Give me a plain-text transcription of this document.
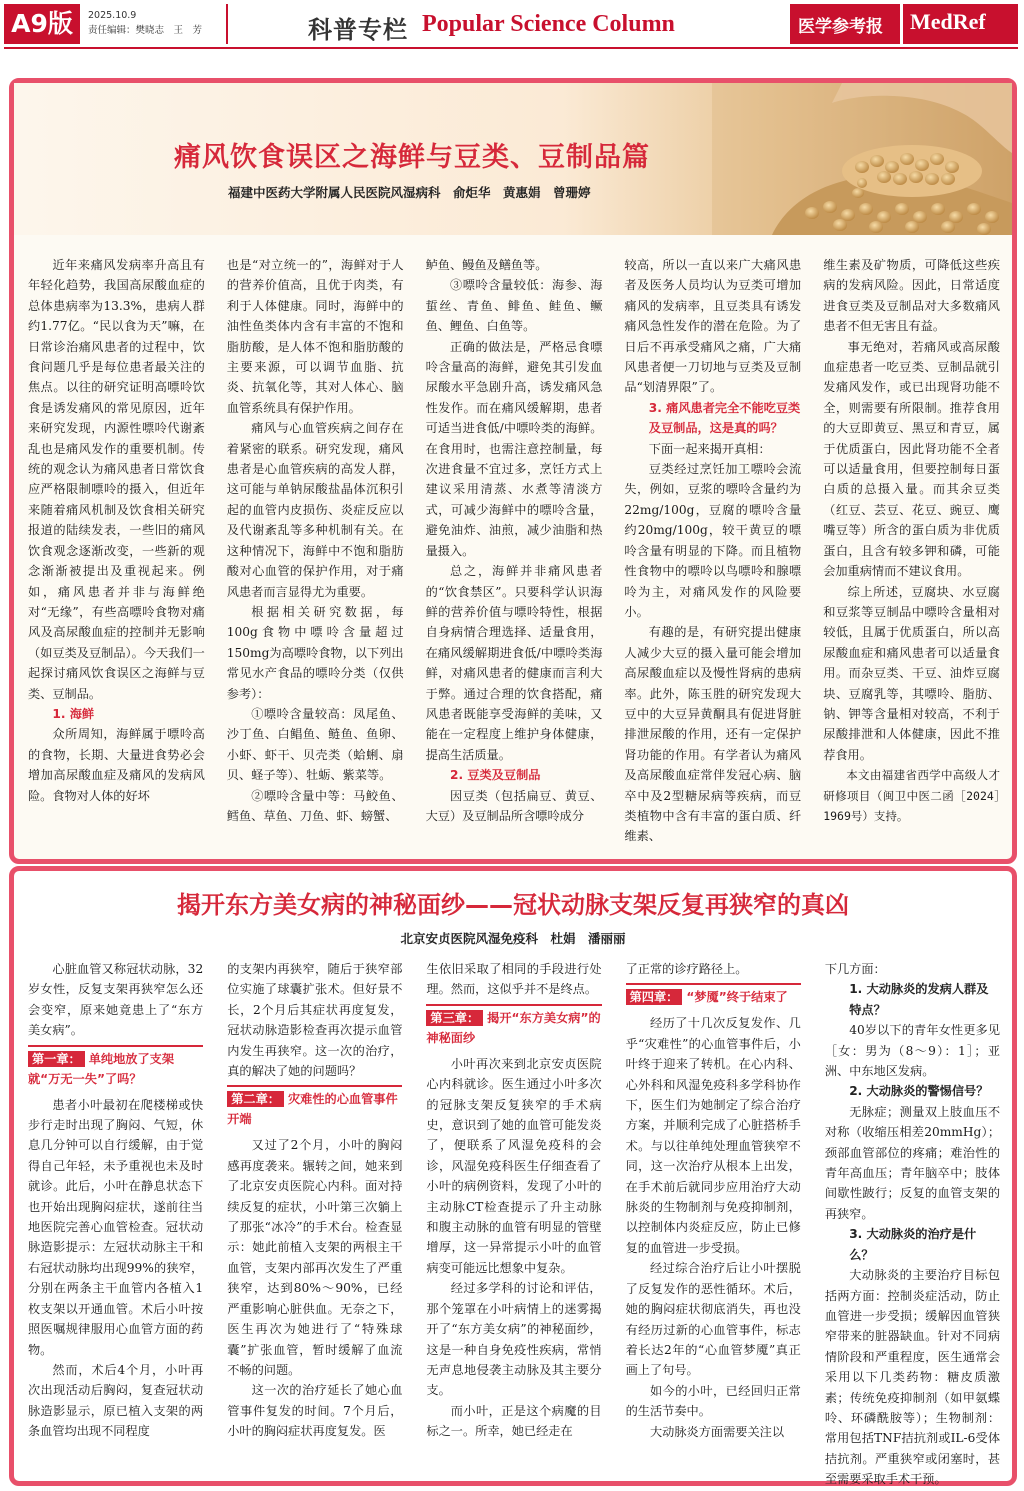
A9版	2025.10.9
责任编辑：樊晓志　王　芳	科普专栏 Popular Science Column	医学参考报 MedRef
痛风饮食误区之海鲜与豆类、豆制品篇
福建中医药大学附属人民医院风湿病科　俞炬华　黄惠娟　曾珊婷

近年来痛风发病率升高且有年轻化趋势，我国高尿酸血症的总体患病率为13.3%，患病人群约1.77亿。“民以食为天”嘛，在日常诊治痛风患者的过程中，饮食问题几乎是每位患者最关注的焦点。以往的研究证明高嘌呤饮食是诱发痛风的常见原因，近年来研究发现，内源性嘌呤代谢紊乱也是痛风发作的重要机制。传统的观念认为痛风患者日常饮食应严格限制嘌呤的摄入，但近年来随着痛风机制及饮食相关研究报道的陆续发表，一些旧的痛风饮食观念逐渐改变，一些新的观念渐渐被提出及重视起来。例如，痛风患者并非与海鲜绝对“无缘”，有些高嘌呤食物对痛风及高尿酸血症的控制并无影响（如豆类及豆制品）。今天我们一起探讨痛风饮食误区之海鲜与豆类、豆制品。

1. 海鲜

众所周知，海鲜属于嘌呤高的食物，长期、大量进食势必会增加高尿酸血症及痛风的发病风险。食物对人体的好坏

也是“对立统一的”，海鲜对于人的营养价值高，且优于肉类，有利于人体健康。同时，海鲜中的油性鱼类体内含有丰富的不饱和脂肪酸，是人体不饱和脂肪酸的主要来源，可以调节血脂、抗炎、抗氧化等，其对人体心、脑血管系统具有保护作用。

痛风与心血管疾病之间存在着紧密的联系。研究发现，痛风患者是心血管疾病的高发人群，这可能与单钠尿酸盐晶体沉积引起的血管内皮损伤、炎症反应以及代谢紊乱等多种机制有关。在这种情况下，海鲜中不饱和脂肪酸对心血管的保护作用，对于痛风患者而言显得尤为重要。

根据相关研究数据，每100g食物中嘌呤含量超过150mg为高嘌呤食物，以下列出常见水产食品的嘌呤分类（仅供参考）：

①嘌呤含量较高：凤尾鱼、沙丁鱼、白鲳鱼、鲢鱼、鱼卵、小虾、虾干、贝壳类（蛤蜊、扇贝、蛏子等）、牡蛎、紫菜等。

②嘌呤含量中等：马鲛鱼、鳕鱼、草鱼、刀鱼、虾、螃蟹、

鲈鱼、鳗鱼及鳝鱼等。

③嘌呤含量较低：海参、海蜇丝、青鱼、鲱鱼、鲑鱼、鳜鱼、鲤鱼、白鱼等。

正确的做法是，严格忌食嘌呤含量高的海鲜，避免其引发血尿酸水平急剧升高，诱发痛风急性发作。而在痛风缓解期，患者可适当进食低/中嘌呤类的海鲜。在食用时，也需注意控制量，每次进食量不宜过多，烹饪方式上建议采用清蒸、水煮等清淡方式，可减少海鲜中的嘌呤含量，避免油炸、油煎，减少油脂和热量摄入。

总之，海鲜并非痛风患者的“饮食禁区”。只要科学认识海鲜的营养价值与嘌呤特性，根据自身病情合理选择、适量食用，在痛风缓解期进食低/中嘌呤类海鲜，对痛风患者的健康而言利大于弊。通过合理的饮食搭配，痛风患者既能享受海鲜的美味，又能在一定程度上维护身体健康，提高生活质量。

2. 豆类及豆制品

因豆类（包括扁豆、黄豆、大豆）及豆制品所含嘌呤成分

较高，所以一直以来广大痛风患者及医务人员均认为豆类可增加痛风的发病率，且豆类具有诱发痛风急性发作的潜在危险。为了日后不再承受痛风之痛，广大痛风患者便一刀切地与豆类及豆制品“划清界限”了。

3. 痛风患者完全不能吃豆类及豆制品，这是真的吗？

下面一起来揭开真相：

豆类经过烹饪加工嘌呤会流失，例如，豆浆的嘌呤含量约为22mg/100g，豆腐的嘌呤含量约20mg/100g，较干黄豆的嘌呤含量有明显的下降。而且植物性食物中的嘌呤以鸟嘌呤和腺嘌呤为主，对痛风发作的风险要小。

有趣的是，有研究提出健康人减少大豆的摄入量可能会增加高尿酸血症以及慢性肾病的患病率。此外，陈玉胜的研究发现大豆中的大豆异黄酮具有促进肾脏排泄尿酸的作用，还有一定保护肾功能的作用。有学者认为痛风及高尿酸血症常伴发冠心病、脑卒中及2型糖尿病等疾病，而豆类植物中含有丰富的蛋白质、纤维素、

维生素及矿物质，可降低这些疾病的发病风险。因此，日常适度进食豆类及豆制品对大多数痛风患者不但无害且有益。

事无绝对，若痛风或高尿酸血症患者一吃豆类、豆制品就引发痛风发作，或已出现肾功能不全，则需要有所限制。推荐食用的大豆即黄豆、黑豆和青豆，属于优质蛋白，因此肾功能不全者可以适量食用，但要控制每日蛋白质的总摄入量。而其余豆类（红豆、芸豆、花豆、豌豆、鹰嘴豆等）所含的蛋白质为非优质蛋白，且含有较多钾和磷，可能会加重病情而不建议食用。

综上所述，豆腐块、水豆腐和豆浆等豆制品中嘌呤含量相对较低，且属于优质蛋白，所以高尿酸血症和痛风患者可以适量食用。而杂豆类、干豆、油炸豆腐块、豆腐乳等，其嘌呤、脂肪、钠、钾等含量相对较高，不利于尿酸排泄和人体健康，因此不推荐食用。

本文由福建省西学中高级人才研修项目（闽卫中医二函［2024］1969号）支持。

揭开东方美女病的神秘面纱——冠状动脉支架反复再狭窄的真凶
北京安贞医院风湿免疫科　杜娟　潘丽丽

心脏血管又称冠状动脉，32岁女性，反复支架再狭窄怎么还会变窄，原来她竟患上了“东方美女病”。

第一章： 单纯地放了支架就“万无一失”了吗？

患者小叶最初在爬楼梯或快步行走时出现了胸闷、气短，休息几分钟可以自行缓解，由于觉得自己年轻，未予重视也未及时就诊。此后，小叶在静息状态下也开始出现胸闷症状，遂前往当地医院完善心血管检查。冠状动脉造影提示：左冠状动脉主干和右冠状动脉均出现99%的狭窄，分别在两条主干血管内各植入1枚支架以开通血管。术后小叶按照医嘱规律服用心血管方面的药物。

然而，术后4个月，小叶再次出现活动后胸闷，复查冠状动脉造影显示，原已植入支架的两条血管均出现不同程度

的支架内再狭窄，随后于狭窄部位实施了球囊扩张术。但好景不长，2个月后其症状再度复发，冠状动脉造影检查再次提示血管内发生再狭窄。这一次的治疗，真的解决了她的问题吗？

第二章： 灾难性的心血管事件开端

又过了2个月，小叶的胸闷感再度袭来。辗转之间，她来到了北京安贞医院心内科。面对持续反复的症状，小叶第三次躺上了那张“冰冷”的手术台。检查显示：她此前植入支架的两根主干血管，支架内部再次发生了严重狭窄，达到80%～90%，已经严重影响心脏供血。无奈之下，医生再次为她进行了“特殊球囊”扩张血管，暂时缓解了血流不畅的问题。

这一次的治疗延长了她心血管事件复发的时间。7个月后，小叶的胸闷症状再度复发。医

生依旧采取了相同的手段进行处理。然而，这似乎并不是终点。

第三章： 揭开“东方美女病”的神秘面纱

小叶再次来到北京安贞医院心内科就诊。医生通过小叶多次的冠脉支架反复狭窄的手术病史，意识到了她的血管可能发炎了，便联系了风湿免疫科的会诊，风湿免疫科医生仔细查看了小叶的病例资料，发现了小叶的主动脉CT检查提示了升主动脉和腹主动脉的血管有明显的管壁增厚，这一异常提示小叶的血管病变可能远比想象中复杂。

经过多学科的讨论和评估，那个笼罩在小叶病情上的迷雾揭开了“东方美女病”的神秘面纱，这是一种自身免疫性疾病，常悄无声息地侵袭主动脉及其主要分支。

而小叶，正是这个病魔的目标之一。所幸，她已经走在

了正常的诊疗路径上。

第四章： “梦魇”终于结束了

经历了十几次反复发作、几乎“灾难性”的心血管事件后，小叶终于迎来了转机。在心内科、心外科和风湿免疫科多学科协作下，医生们为她制定了综合治疗方案，并顺利完成了心脏搭桥手术。与以往单纯处理血管狭窄不同，这一次治疗从根本上出发，在手术前后就同步应用治疗大动脉炎的生物制剂与免疫抑制剂，以控制体内炎症反应，防止已修复的血管进一步受损。

经过综合治疗后让小叶摆脱了反复发作的恶性循环。术后，她的胸闷症状彻底消失，再也没有经历过新的心血管事件，标志着长达2年的“心血管梦魇”真正画上了句号。

如今的小叶，已经回归正常的生活节奏中。

大动脉炎方面需要关注以

下几方面：

1. 大动脉炎的发病人群及特点？

40岁以下的青年女性更多见［女：男为（8～9）：1］；亚洲、中东地区发病。

2. 大动脉炎的警惕信号？

无脉症；测量双上肢血压不对称（收缩压相差20mmHg）；颈部血管部位的疼痛；难治性的青年高血压；青年脑卒中；肢体间歇性跛行；反复的血管支架的再狭窄。

3. 大动脉炎的治疗是什么？

大动脉炎的主要治疗目标包括两方面：控制炎症活动，防止血管进一步受损；缓解因血管狭窄带来的脏器缺血。针对不同病情阶段和严重程度，医生通常会采用以下几类药物：糖皮质激素；传统免疫抑制剂（如甲氨蝶呤、环磷酰胺等）；生物制剂：常用包括TNF拮抗剂或IL-6受体拮抗剂。严重狭窄或闭塞时，甚至需要采取手术干预。
